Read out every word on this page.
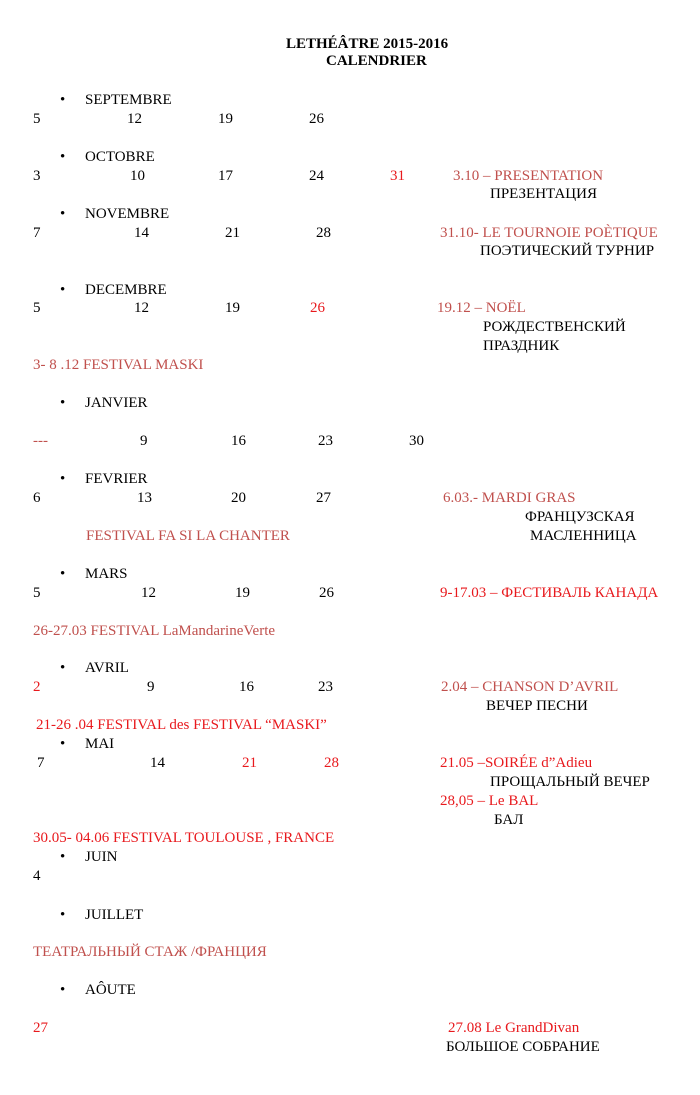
LETHÉÂTRE 2015-2016
CALENDRIER
• SEPTEMBRE
5	12	19	26
• OCTOBRE
3	10	17	24	31	3.10 – PRESENTATION
ПРЕЗЕНТАЦИЯ
• NOVEMBRE
7	14	21	28	31.10- LE TOURNOIE POÈTIQUE
ПОЭТИЧЕСКИЙ ТУРНИР
• DECEMBRE
5	12	19	26	19.12 – NOËL
РОЖДЕСТВЕНСКИЙ
ПРАЗДНИК
3- 8 .12 FESTIVAL MASKI
• JANVIER
---	9	16	23	30
• FEVRIER
6	13	20	27	6.03.- MARDI GRAS
ФРАНЦУЗСКАЯ
FESTIVAL FA SI LA CHANTER	МАСЛЕННИЦА
• MARS
5	12	19	26	9-17.03 – ФЕСТИВАЛЬ КАНАДА
26-27.03 FESTIVAL LaMandarineVerte
• AVRIL
2	9	16	23	2.04 – CHANSON D’AVRIL
ВЕЧЕР ПЕСНИ
21-26 .04 FESTIVAL des FESTIVAL “MASKI”
• MAI
7	14	21	28	21.05 –SOIRÉE d”Adieu
ПРОЩАЛЬНЫЙ ВЕЧЕР
28,05 – Le BAL
БАЛ
30.05- 04.06 FESTIVAL TOULOUSE , FRANCE
• JUIN
4
• JUILLET
ТЕАТРАЛЬНЫЙ СТАЖ /ФРАНЦИЯ
• AÔUTE
27	27.08 Le GrandDivan
БОЛЬШОЕ СОБРАНИЕ
